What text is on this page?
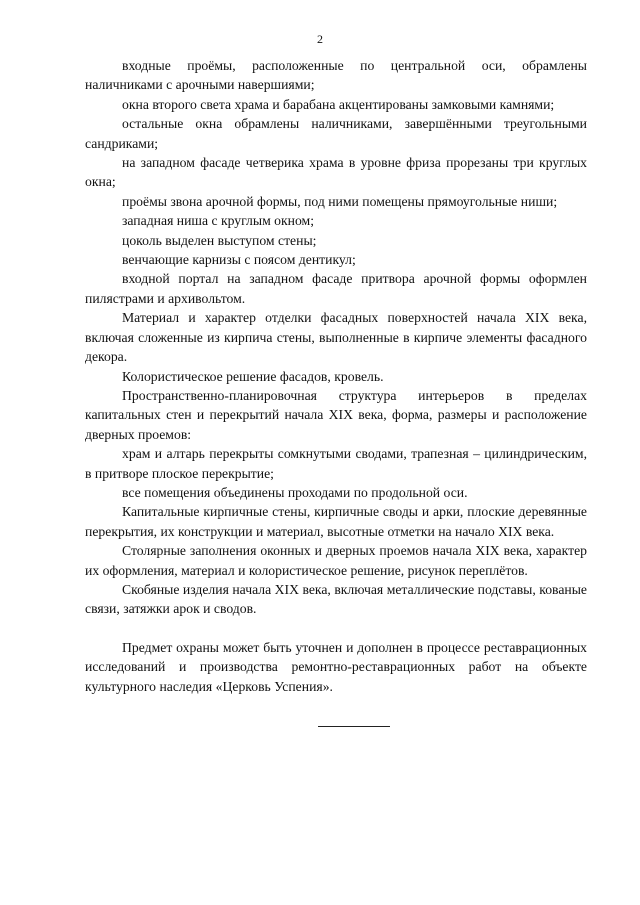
2

входные проёмы, расположенные по центральной оси, обрамлены наличниками с арочными навершиями;

окна второго света храма и барабана акцентированы замковыми камнями;

остальные окна обрамлены наличниками, завершёнными треугольными сандриками;

на западном фасаде четверика храма в уровне фриза прорезаны три круглых окна;

проёмы звона арочной формы, под ними помещены прямоугольные ниши;

западная ниша с круглым окном;

цоколь выделен выступом стены;

венчающие карнизы с поясом дентикул;

входной портал на западном фасаде притвора арочной формы оформлен пилястрами и архивольтом.

Материал и характер отделки фасадных поверхностей начала XIX века, включая сложенные из кирпича стены, выполненные в кирпиче элементы фасадного декора.

Колористическое решение фасадов, кровель.

Пространственно-планировочная структура интерьеров в пределах капитальных стен и перекрытий начала XIX века, форма, размеры и расположение дверных проемов:

храм и алтарь перекрыты сомкнутыми сводами, трапезная – цилиндрическим, в притворе плоское перекрытие;

все помещения объединены проходами по продольной оси.

Капитальные кирпичные стены, кирпичные своды и арки, плоские деревянные перекрытия, их конструкции и материал, высотные отметки на начало XIX века.

Столярные заполнения оконных и дверных проемов начала XIX века, характер их оформления, материал и колористическое решение, рисунок переплётов.

Скобяные изделия начала XIX века, включая металлические подставы, кованые связи, затяжки арок и сводов.

Предмет охраны может быть уточнен и дополнен в процессе реставрационных исследований и производства ремонтно-реставрационных работ на объекте культурного наследия «Церковь Успения».
